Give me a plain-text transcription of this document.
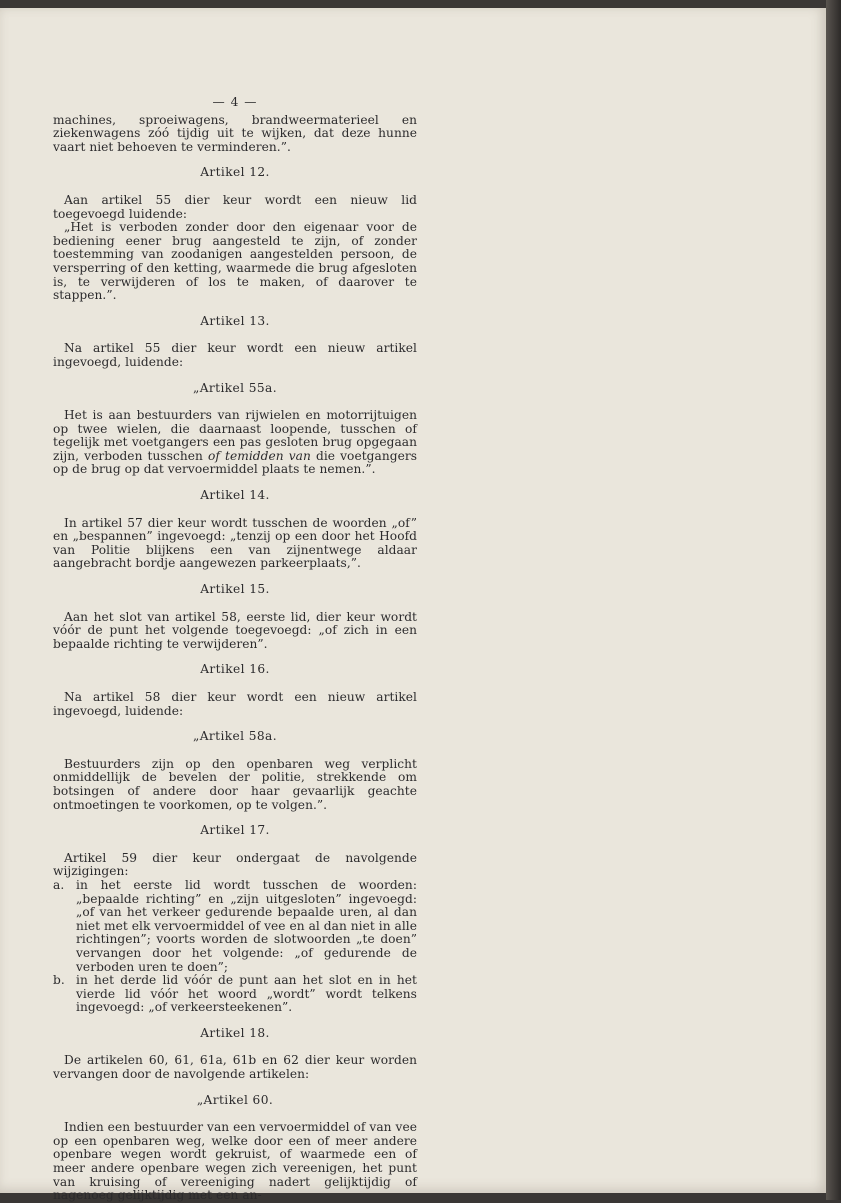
— 4 —

machines, sproeiwagens, brandweermaterieel en ziekenwagens zóó tijdig uit te wijken, dat deze hunne vaart niet behoeven te verminderen.”.

Artikel 12.

Aan artikel 55 dier keur wordt een nieuw lid toegevoegd luidende:

„Het is verboden zonder door den eigenaar voor de bediening eener brug aangesteld te zijn, of zonder toestemming van zoodanigen aangestelden persoon, de versperring of den ketting, waarmede die brug afgesloten is, te verwijderen of los te maken, of daarover te stappen.”.

Artikel 13.

Na artikel 55 dier keur wordt een nieuw artikel ingevoegd, luidende:

„Artikel 55a.

Het is aan bestuurders van rijwielen en motorrijtuigen op twee wielen, die daarnaast loopende, tusschen of tegelijk met voetgangers een pas gesloten brug opgegaan zijn, verboden tusschen of temidden van die voetgangers op de brug op dat vervoermiddel plaats te nemen.”.

Artikel 14.

In artikel 57 dier keur wordt tusschen de woorden „of” en „bespannen” ingevoegd: „tenzij op een door het Hoofd van Politie blijkens een van zijnentwege aldaar aangebracht bordje aangewezen parkeerplaats,”.

Artikel 15.

Aan het slot van artikel 58, eerste lid, dier keur wordt vóór de punt het volgende toegevoegd: „of zich in een bepaalde richting te verwijderen”.

Artikel 16.

Na artikel 58 dier keur wordt een nieuw artikel ingevoegd, luidende:

„Artikel 58a.

Bestuurders zijn op den openbaren weg verplicht onmiddellijk de bevelen der politie, strekkende om botsingen of andere door haar gevaarlijk geachte ontmoetingen te voorkomen, op te volgen.”.

Artikel 17.

Artikel 59 dier keur ondergaat de navolgende wijzigingen:

a. in het eerste lid wordt tusschen de woorden: „bepaalde richting” en „zijn uitgesloten” ingevoegd: „of van het verkeer gedurende bepaalde uren, al dan niet met elk vervoermiddel of vee en al dan niet in alle richtingen”; voorts worden de slotwoorden „te doen” vervangen door het volgende: „of gedurende de verboden uren te doen”;
b. in het derde lid vóór de punt aan het slot en in het vierde lid vóór het woord „wordt” wordt telkens ingevoegd: „of verkeersteekenen”.
Artikel 18.

De artikelen 60, 61, 61a, 61b en 62 dier keur worden vervangen door de navolgende artikelen:

„Artikel 60.

Indien een bestuurder van een vervoermiddel of van vee op een openbaren weg, welke door een of meer andere openbare wegen wordt gekruist, of waarmede een of meer andere openbare wegen zich vereenigen, het punt van kruising of vereeniging nadert gelijktijdig of nagenoeg gelijktijdig met een an-
